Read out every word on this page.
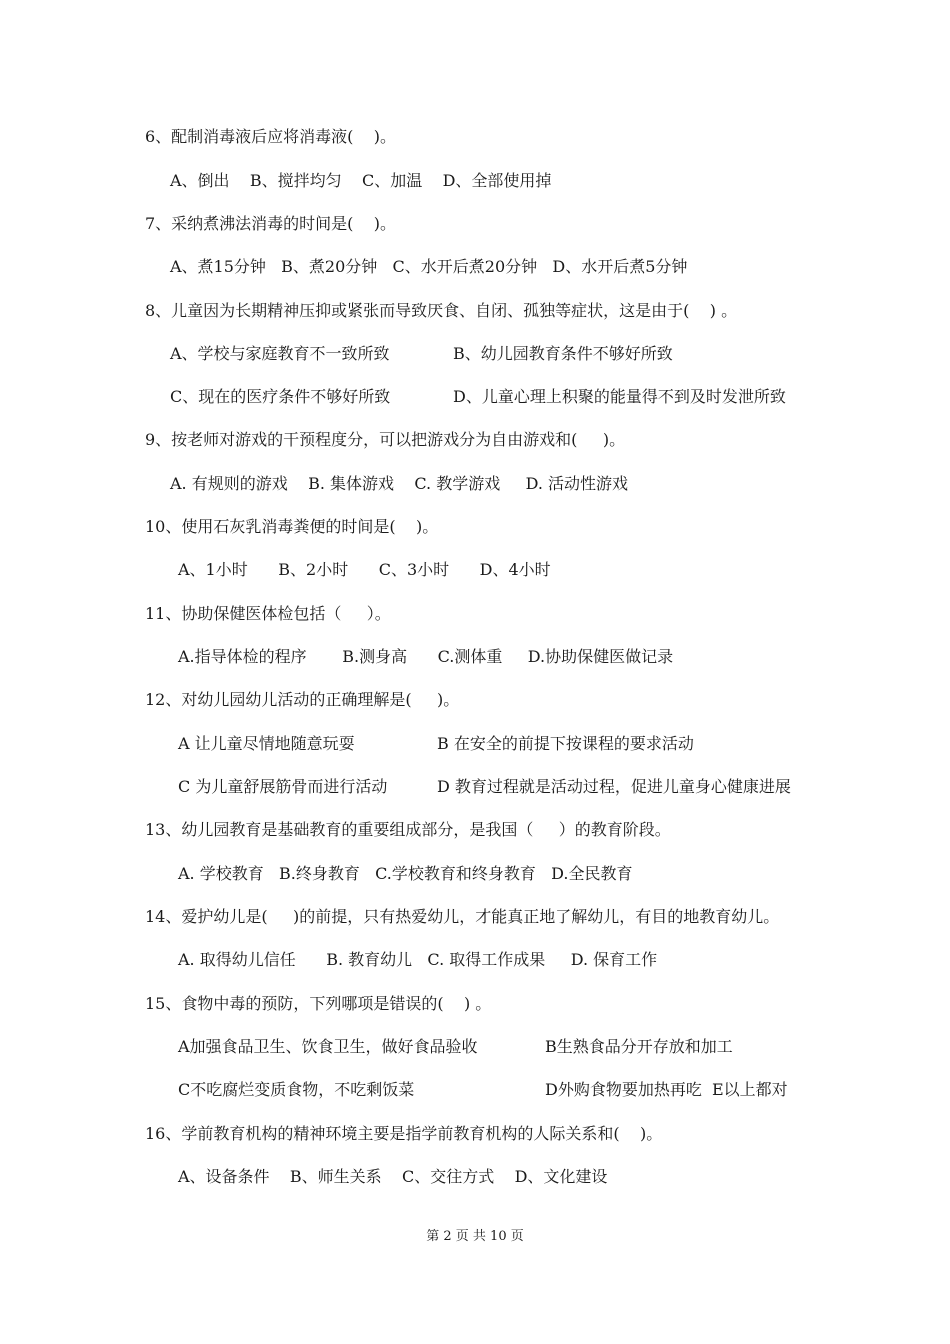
6、配制消毒液后应将消毒液(    )。
A、倒出    B、搅拌均匀    C、加温    D、全部使用掉
7、采纳煮沸法消毒的时间是(    )。
A、煮15分钟   B、煮20分钟   C、水开后煮20分钟   D、水开后煮5分钟
8、儿童因为长期精神压抑或紧张而导致厌食、自闭、孤独等症状，这是由于(    ) 。
A、学校与家庭教育不一致所致	B、幼儿园教育条件不够好所致
C、现在的医疗条件不够好所致	D、儿童心理上积聚的能量得不到及时发泄所致
9、按老师对游戏的干预程度分，可以把游戏分为自由游戏和(     )。
A. 有规则的游戏    B. 集体游戏    C. 教学游戏     D. 活动性游戏
10、使用石灰乳消毒粪便的时间是(    )。
A、1小时      B、2小时      C、3小时      D、4小时
11、协助保健医体检包括（     ）。
A.指导体检的程序       B.测身高      C.测体重     D.协助保健医做记录
12、对幼儿园幼儿活动的正确理解是(     )。
A 让儿童尽情地随意玩耍	B 在安全的前提下按课程的要求活动
C 为儿童舒展筋骨而进行活动	D 教育过程就是活动过程，促进儿童身心健康进展
13、幼儿园教育是基础教育的重要组成部分，是我国（     ）的教育阶段。
A. 学校教育   B.终身教育   C.学校教育和终身教育   D.全民教育
14、爱护幼儿是(     )的前提，只有热爱幼儿，才能真正地了解幼儿，有目的地教育幼儿。
A. 取得幼儿信任      B. 教育幼儿   C. 取得工作成果     D. 保育工作
15、食物中毒的预防，下列哪项是错误的(    ) 。
A加强食品卫生、饮食卫生，做好食品验收	B生熟食品分开存放和加工
C不吃腐烂变质食物，不吃剩饭菜	D外购食物要加热再吃  E以上都对
16、学前教育机构的精神环境主要是指学前教育机构的人际关系和(    )。
A、设备条件    B、师生关系    C、交往方式    D、文化建设
第 2 页 共 10 页
